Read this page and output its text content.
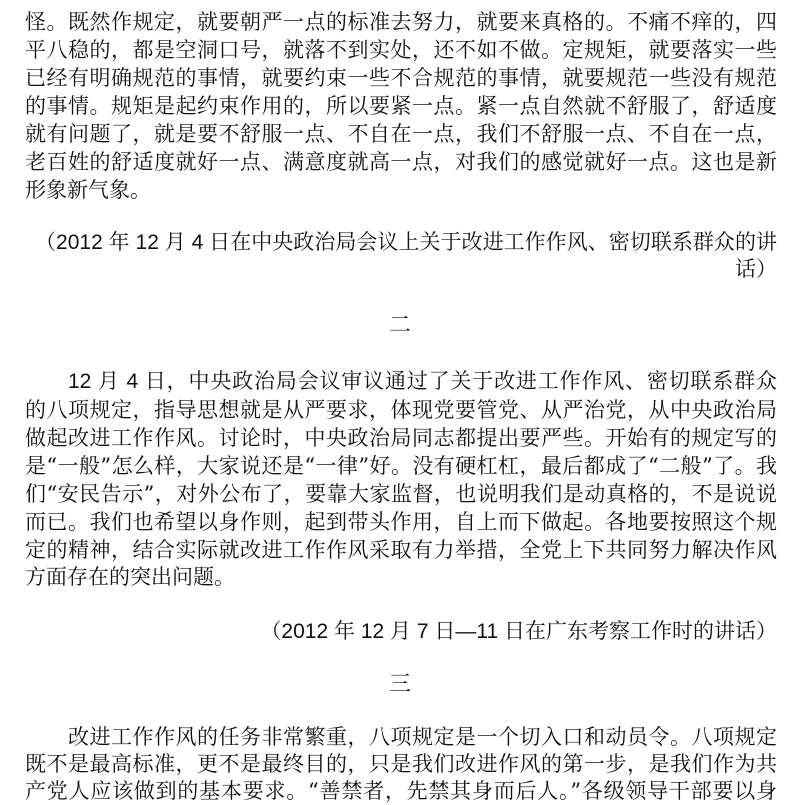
怪。既然作规定，就要朝严一点的标准去努力，就要来真格的。不痛不痒的，四
平八稳的，都是空洞口号，就落不到实处，还不如不做。定规矩，就要落实一些
已经有明确规范的事情，就要约束一些不合规范的事情，就要规范一些没有规范
的事情。规矩是起约束作用的，所以要紧一点。紧一点自然就不舒服了，舒适度
就有问题了，就是要不舒服一点、不自在一点，我们不舒服一点、不自在一点，
老百姓的舒适度就好一点、满意度就高一点，对我们的感觉就好一点。这也是新
形象新气象。
（2012 年 12 月 4 日在中央政治局会议上关于改进工作作风、密切联系群众的讲
话）
二
12 月 4 日，中央政治局会议审议通过了关于改进工作作风、密切联系群众
的八项规定，指导思想就是从严要求，体现党要管党、从严治党，从中央政治局
做起改进工作作风。讨论时，中央政治局同志都提出要严些。开始有的规定写的
是“一般”怎么样，大家说还是“一律”好。没有硬杠杠，最后都成了“二般”了。我
们“安民告示”，对外公布了，要靠大家监督，也说明我们是动真格的，不是说说
而已。我们也希望以身作则，起到带头作用，自上而下做起。各地要按照这个规
定的精神，结合实际就改进工作作风采取有力举措，全党上下共同努力解决作风
方面存在的突出问题。
（2012 年 12 月 7 日—11 日在广东考察工作时的讲话）
三
改进工作作风的任务非常繁重，八项规定是一个切入口和动员令。八项规定
既不是最高标准，更不是最终目的，只是我们改进作风的第一步，是我们作为共
产党人应该做到的基本要求。“善禁者，先禁其身而后人。”各级领导干部要以身
